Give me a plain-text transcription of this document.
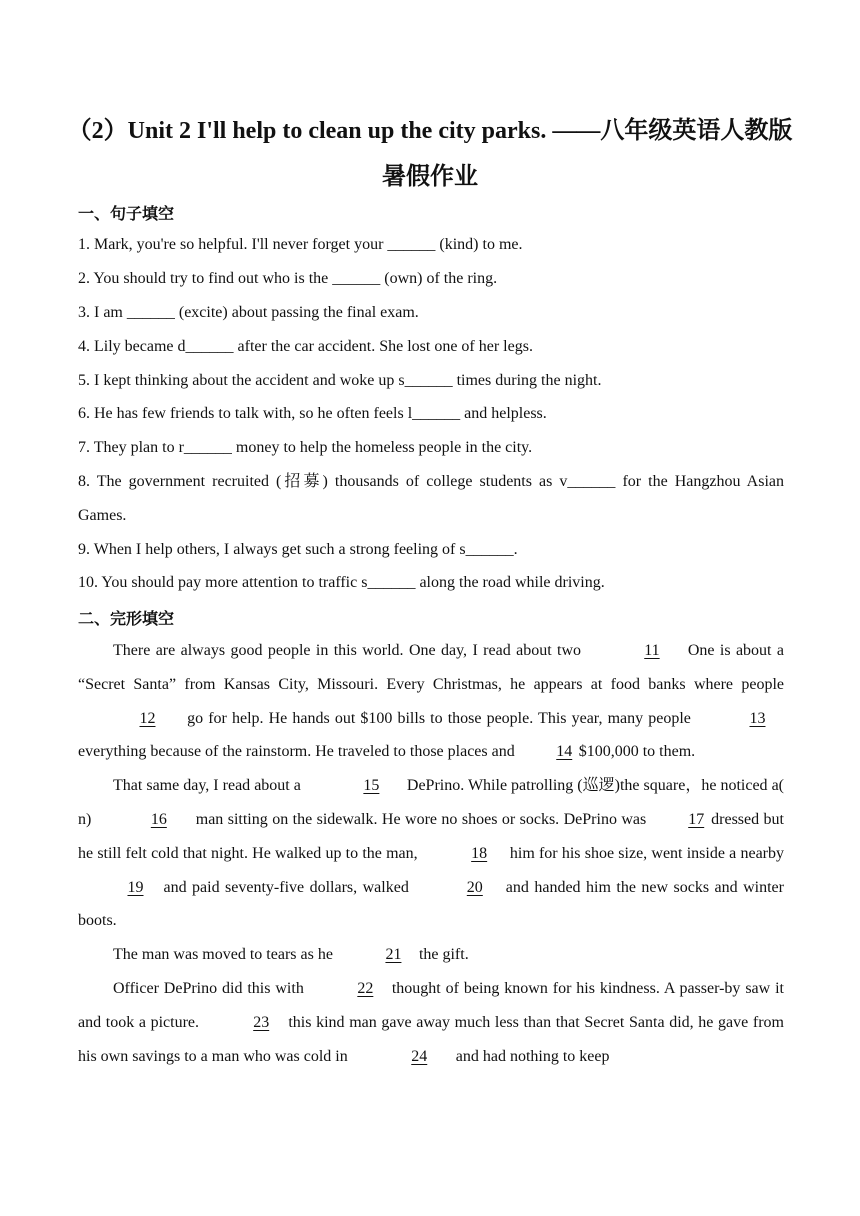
（2）Unit 2 I'll help to clean up the city parks. ——八年级英语人教版
暑假作业
一、句子填空
1. Mark, you're so helpful. I'll never forget your ______ (kind) to me.
2. You should try to find out who is the ______ (own) of the ring.
3. I am ______ (excite) about passing the final exam.
4. Lily became d______ after the car accident. She lost one of her legs.
5. I kept thinking about the accident and woke up s______ times during the night.
6. He has few friends to talk with, so he often feels l______ and helpless.
7. They plan to r______ money to help the homeless people in the city.
8. The government recruited (招募) thousands of college students as v______ for the Hangzhou Asian Games.
9. When I help others, I always get such a strong feeling of s______.
10. You should pay more attention to traffic s______ along the road while driving.
二、完形填空

There are always good people in this world. One day, I read about two	11 One is about a “Secret Santa” from Kansas City, Missouri. Every Christmas, he appears at food banks where people 12 go for help. He hands out $100 bills to those people. This year, many people	13 everything because of the rainstorm. He traveled to those places and 14 $100,000 to them.

That same day, I read about a	15 DePrino. While patrolling (巡逻)the square，he noticed a( n)	16 man sitting on the sidewalk. He wore no shoes or socks. DePrino was 17 dressed but he still felt cold that night. He walked up to the man,	18 him for his shoe size, went inside a nearby 19 and paid seventy-five dollars, walked	20 and handed him the new socks and winter boots.

The man was moved to tears as he	21 the gift.

Officer DePrino did this with	22 thought of being known for his kindness. A passer-by saw it and took a picture.	23 this kind man gave away much less than that Secret Santa did, he gave from his own savings to a man who was cold in	24 and had nothing to keep
